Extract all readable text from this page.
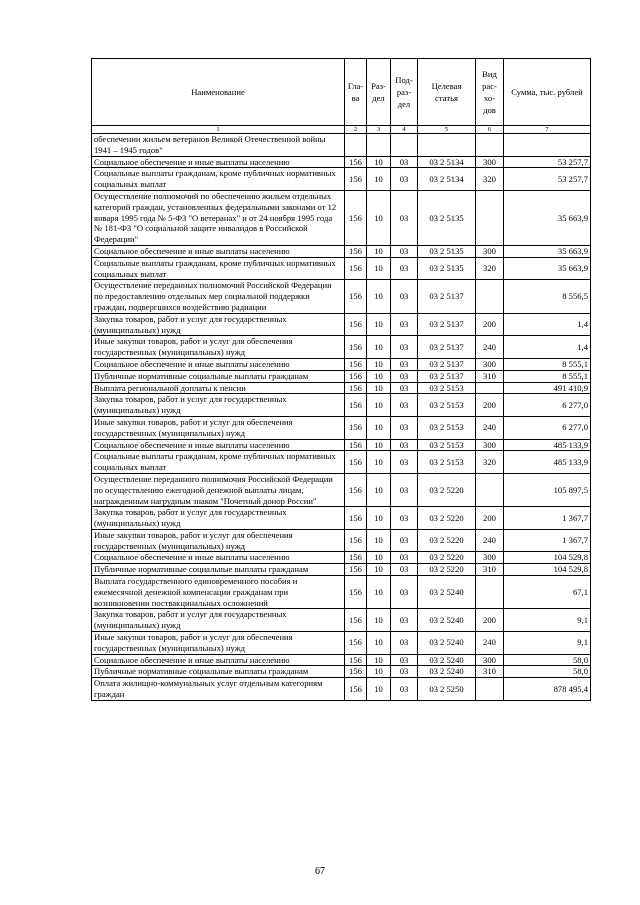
Наименование	Гла-ва	Раз-дел	Под-раз-дел	Целевая статья	Вид рас-хо-дов	Сумма, тыс. рублей
1	2	3	4	5	6	7
обеспечении жильем ветеранов Великой Отечественной войны 1941 – 1945 годов"						
Социальное обеспечение и иные выплаты населению	156	10	03	03 2 5134	300	53 257,7
Социальные выплаты гражданам, кроме публичных нормативных социальных выплат	156	10	03	03 2 5134	320	53 257,7
Осуществление полномочий по обеспечению жильем отдельных категорий граждан, установленных федеральными законами от 12 января 1995 года № 5-ФЗ "О ветеранах" и от 24 ноября 1995 года № 181-ФЗ "О социальной защите инвалидов в Российской Федерации"	156	10	03	03 2 5135		35 663,9
Социальное обеспечение и иные выплаты населению	156	10	03	03 2 5135	300	35 663,9
Социальные выплаты гражданам, кроме публичных нормативных социальных выплат	156	10	03	03 2 5135	320	35 663,9
Осуществление переданных полномочий Российской Федерации по предоставлению отдельных мер социальной поддержки граждан, подвергшихся воздействию радиации	156	10	03	03 2 5137		8 556,5
Закупка товаров, работ и услуг для государственных (муниципальных) нужд	156	10	03	03 2 5137	200	1,4
Иные закупки товаров, работ и услуг для обеспечения государственных (муниципальных) нужд	156	10	03	03 2 5137	240	1,4
Социальное обеспечение и иные выплаты населению	156	10	03	03 2 5137	300	8 555,1
Публичные нормативные социальные выплаты гражданам	156	10	03	03 2 5137	310	8 555,1
Выплата региональной доплаты к пенсии	156	10	03	03 2 5153		491 410,9
Закупка товаров, работ и услуг для государственных (муниципальных) нужд	156	10	03	03 2 5153	200	6 277,0
Иные закупки товаров, работ и услуг для обеспечения государственных (муниципальных) нужд	156	10	03	03 2 5153	240	6 277,0
Социальное обеспечение и иные выплаты населению	156	10	03	03 2 5153	300	485 133,9
Социальные выплаты гражданам, кроме публичных нормативных социальных выплат	156	10	03	03 2 5153	320	485 133,9
Осуществление переданного полномочия Российской Федерации по осуществлению ежегодной денежной выплаты лицам, награжденным нагрудным знаком "Почетный донор России"	156	10	03	03 2 5220		105 897,5
Закупка товаров, работ и услуг для государственных (муниципальных) нужд	156	10	03	03 2 5220	200	1 367,7
Иные закупки товаров, работ и услуг для обеспечения государственных (муниципальных) нужд	156	10	03	03 2 5220	240	1 367,7
Социальное обеспечение и иные выплаты населению	156	10	03	03 2 5220	300	104 529,8
Публичные нормативные социальные выплаты гражданам	156	10	03	03 2 5220	310	104 529,8
Выплата государственного единовременного пособия и ежемесячной денежной компенсации гражданам при возникновении поствакцинальных осложнений	156	10	03	03 2 5240		67,1
Закупка товаров, работ и услуг для государственных (муниципальных) нужд	156	10	03	03 2 5240	200	9,1
Иные закупки товаров, работ и услуг для обеспечения государственных (муниципальных) нужд	156	10	03	03 2 5240	240	9,1
Социальное обеспечение и иные выплаты населению	156	10	03	03 2 5240	300	58,0
Публичные нормативные социальные выплаты гражданам	156	10	03	03 2 5240	310	58,0
Оплата жилищно-коммунальных услуг отдельным категориям граждан	156	10	03	03 2 5250		878 495,4
67
